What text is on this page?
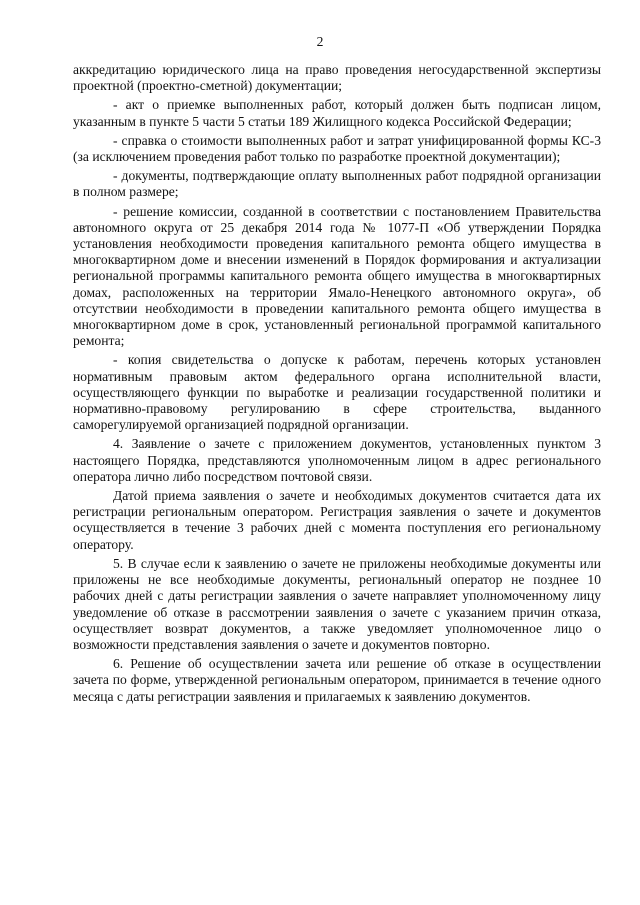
2

аккредитацию юридического лица на право проведения негосударственной экспертизы проектной (проектно-сметной) документации;

- акт о приемке выполненных работ, который должен быть подписан лицом, указанным в пункте 5 части 5 статьи 189 Жилищного кодекса Российской Федерации;

- справка о стоимости выполненных работ и затрат унифицированной формы КС-3 (за исключением проведения работ только по разработке проектной документации);

- документы, подтверждающие оплату выполненных работ подрядной организации в полном размере;

- решение комиссии, созданной в соответствии с постановлением Правительства автономного округа от 25 декабря 2014 года № 1077-П «Об утверждении Порядка установления необходимости проведения капитального ремонта общего имущества в многоквартирном доме и внесении изменений в Порядок формирования и актуализации региональной программы капитального ремонта общего имущества в многоквартирных домах, расположенных на территории Ямало-Ненецкого автономного округа», об отсутствии необходимости в проведении капитального ремонта общего имущества в многоквартирном доме в срок, установленный региональной программой капитального ремонта;

- копия свидетельства о допуске к работам, перечень которых установлен нормативным правовым актом федерального органа исполнительной власти, осуществляющего функции по выработке и реализации государственной политики и нормативно-правовому регулированию в сфере строительства, выданного саморегулируемой организацией подрядной организации.

4. Заявление о зачете с приложением документов, установленных пунктом 3 настоящего Порядка, представляются уполномоченным лицом в адрес регионального оператора лично либо посредством почтовой связи.

Датой приема заявления о зачете и необходимых документов считается дата их регистрации региональным оператором. Регистрация заявления о зачете и документов осуществляется в течение 3 рабочих дней с момента поступления его региональному оператору.

5. В случае если к заявлению о зачете не приложены необходимые документы или приложены не все необходимые документы, региональный оператор не позднее 10 рабочих дней с даты регистрации заявления о зачете направляет уполномоченному лицу уведомление об отказе в рассмотрении заявления о зачете с указанием причин отказа, осуществляет возврат документов, а также уведомляет уполномоченное лицо о возможности представления заявления о зачете и документов повторно.

6. Решение об осуществлении зачета или решение об отказе в осуществлении зачета по форме, утвержденной региональным оператором, принимается в течение одного месяца с даты регистрации заявления и прилагаемых к заявлению документов.
